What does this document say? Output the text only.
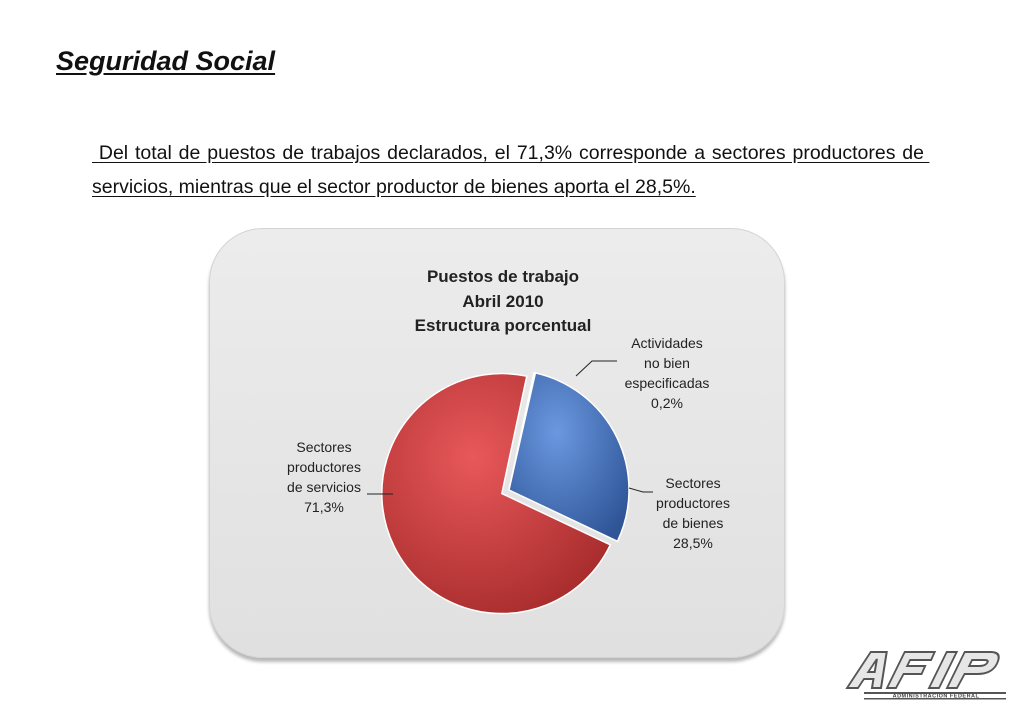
Seguridad Social

Del total de puestos de trabajos declarados, el 71,3% corresponde a sectores productores de servicios, mientras que el sector productor de bienes aporta el 28,5%.

Puestos de trabajo
Abril 2010
Estructura porcentual
Actividades
no bien
especificadas
0,2%
Sectores
productores
de bienes
28,5%
Sectores
productores
de servicios
71,3%
ADMINISTRACION FEDERAL
